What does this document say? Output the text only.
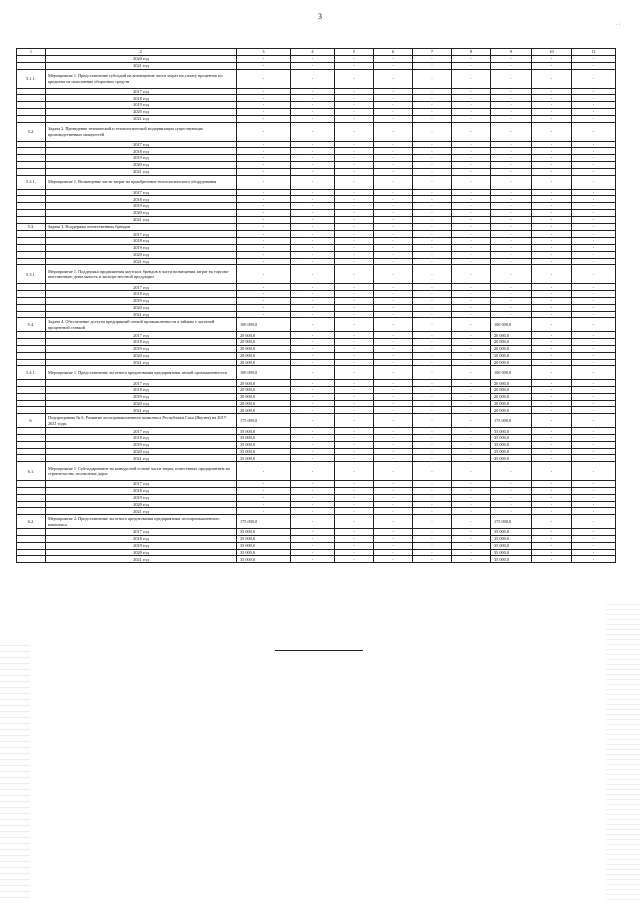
3
. :
1	2	3	4	5	6	7	8	9	10	11
	2020 год	-	-	-	-	-	-	-	-	-
	2021 год	-	-	-	-	-	-	-	-	-
5.1.1.	Мероприятие 1. Предоставление субсидий на возмещение части затрат на уплату процентов по кредитам на пополнение оборотных средств	-	-	-	-	-	-	-	-	-
	2017 год	-	-	-	-	-	-	-	-	-
	2018 год	-	-	-	-	-	-	-	-	-
	2019 год	-	-	-	-	-	-	-	-	-
	2020 год	-	-	-	-	-	-	-	-	-
	2021 год	-	-	-	-	-	-	-	-	-
5.2.	Задача 2. Проведение технической и технологической модернизации существующих производственных мощностей	-	-	-	-	-	-	-	-	-
	2017 год	-	-	-	-	-	-	-	-	-
	2018 год	-	-	-	-	-	-	-	-	-
	2019 год	-	-	-	-	-	-	-	-	-
	2020 год	-	-	-	-	-	-	-	-	-
	2021 год	-	-	-	-	-	-	-	-	-
5.2.1.	Мероприятие 1. Возмещение части затрат на приобретение технологического оборудования	-	-	-	-	-	-	-	-	-
	2017 год	-	-	-	-	-	-	-	-	-
	2018 год	-	-	-	-	-	-	-	-	-
	2019 год	-	-	-	-	-	-	-	-	-
	2020 год	-	-	-	-	-	-	-	-	-
	2021 год	-	-	-	-	-	-	-	-	-
5.3.	Задача 3. Поддержка отечественных брендов	-	-	-	-	-	-	-	-	-
	2017 год	-	-	-	-	-	-	-	-	-
	2018 год	-	-	-	-	-	-	-	-	-
	2019 год	-	-	-	-	-	-	-	-	-
	2020 год	-	-	-	-	-	-	-	-	-
	2021 год	-	-	-	-	-	-	-	-	-
5.3.1.	Мероприятие 1. Поддержка продвижения якутских брендов в части возмещения затрат на торгово-выставочную деятельность и экспорт местной продукции	-	-	-	-	-	-	-	-	-
	2017 год	-	-	-	-	-	-	-	-	-
	2018 год	-	-	-	-	-	-	-	-	-
	2019 год	-	-	-	-	-	-	-	-	-
	2020 год	-	-	-	-	-	-	-	-	-
	2021 год	-	-	-	-	-	-	-	-	-
5.4.	Задача 4. Обеспечение доступа предприятий легкой промышленности к займам с льготной процентной ставкой	100 000,0	-	-	-	-	-	100 000,0	-	-
	2017 год	20 000,0	-	-	-	-	-	20 000,0	-	-
	2018 год	20 000,0	-	-	-	-	-	20 000,0	-	-
	2019 год	20 000,0	-	-	-	-	-	20 000,0	-	-
	2020 год	20 000,0	-	-	-	-	-	20 000,0	-	-
	2021 год	20 000,0	-	-	-	-	-	20 000,0	-	-
5.4.1.	Мероприятие 1. Предоставление льготного кредитования предприятиям легкой промышленности	100 000,0	-	-	-	-	-	100 000,0	-	-
	2017 год	20 000,0	-	-	-	-	-	20 000,0	-	-
	2018 год	20 000,0	-	-	-	-	-	20 000,0	-	-
	2019 год	20 000,0	-	-	-	-	-	20 000,0	-	-
	2020 год	20 000,0	-	-	-	-	-	20 000,0	-	-
	2021 год	20 000,0	-	-	-	-	-	20 000,0	-	-
6.	Подпрограмма № 6. Развитие лесопромышленного комплекса Республики Саха (Якутия) на 2017-2021 годы	175 000,0	-	-	-	-	-	175 000,0	-	-
	2017 год	35 000,0	-	-	-	-	-	35 000,0	-	-
	2018 год	35 000,0	-	-	-	-	-	35 000,0	-	-
	2019 год	35 000,0	-	-	-	-	-	35 000,0	-	-
	2020 год	35 000,0	-	-	-	-	-	35 000,0	-	-
	2021 год	35 000,0	-	-	-	-	-	35 000,0	-	-
6.1.	Мероприятие 1. Субсидирование на конкурсной основе части затрат, понесенных предприятием на строительство лесовозных дорог	-	-	-	-	-	-	-	-	-
	2017 год	-	-	-	-	-	-	-	-	-
	2018 год	-	-	-	-	-	-	-	-	-
	2019 год	-	-	-	-	-	-	-	-	-
	2020 год	-	-	-	-	-	-	-	-	-
	2021 год	-	-	-	-	-	-	-	-	-
6.2.	Мероприятие 2. Предоставление льготного кредитования предприятиям лесопромышленного комплекса	175 000,0	-	-	-	-	-	175 000,0	-	-
	2017 год	35 000,0	-	-	-	-	-	35 000,0	-	-
	2018 год	35 000,0	-	-	-	-	-	35 000,0	-	-
	2019 год	35 000,0	-	-	-	-	-	35 000,0	-	-
	2020 год	35 000,0	-	-	-	-	-	35 000,0	-	-
	2021 год	35 000,0	-	-	-	-	-	35 000,0	-	-
